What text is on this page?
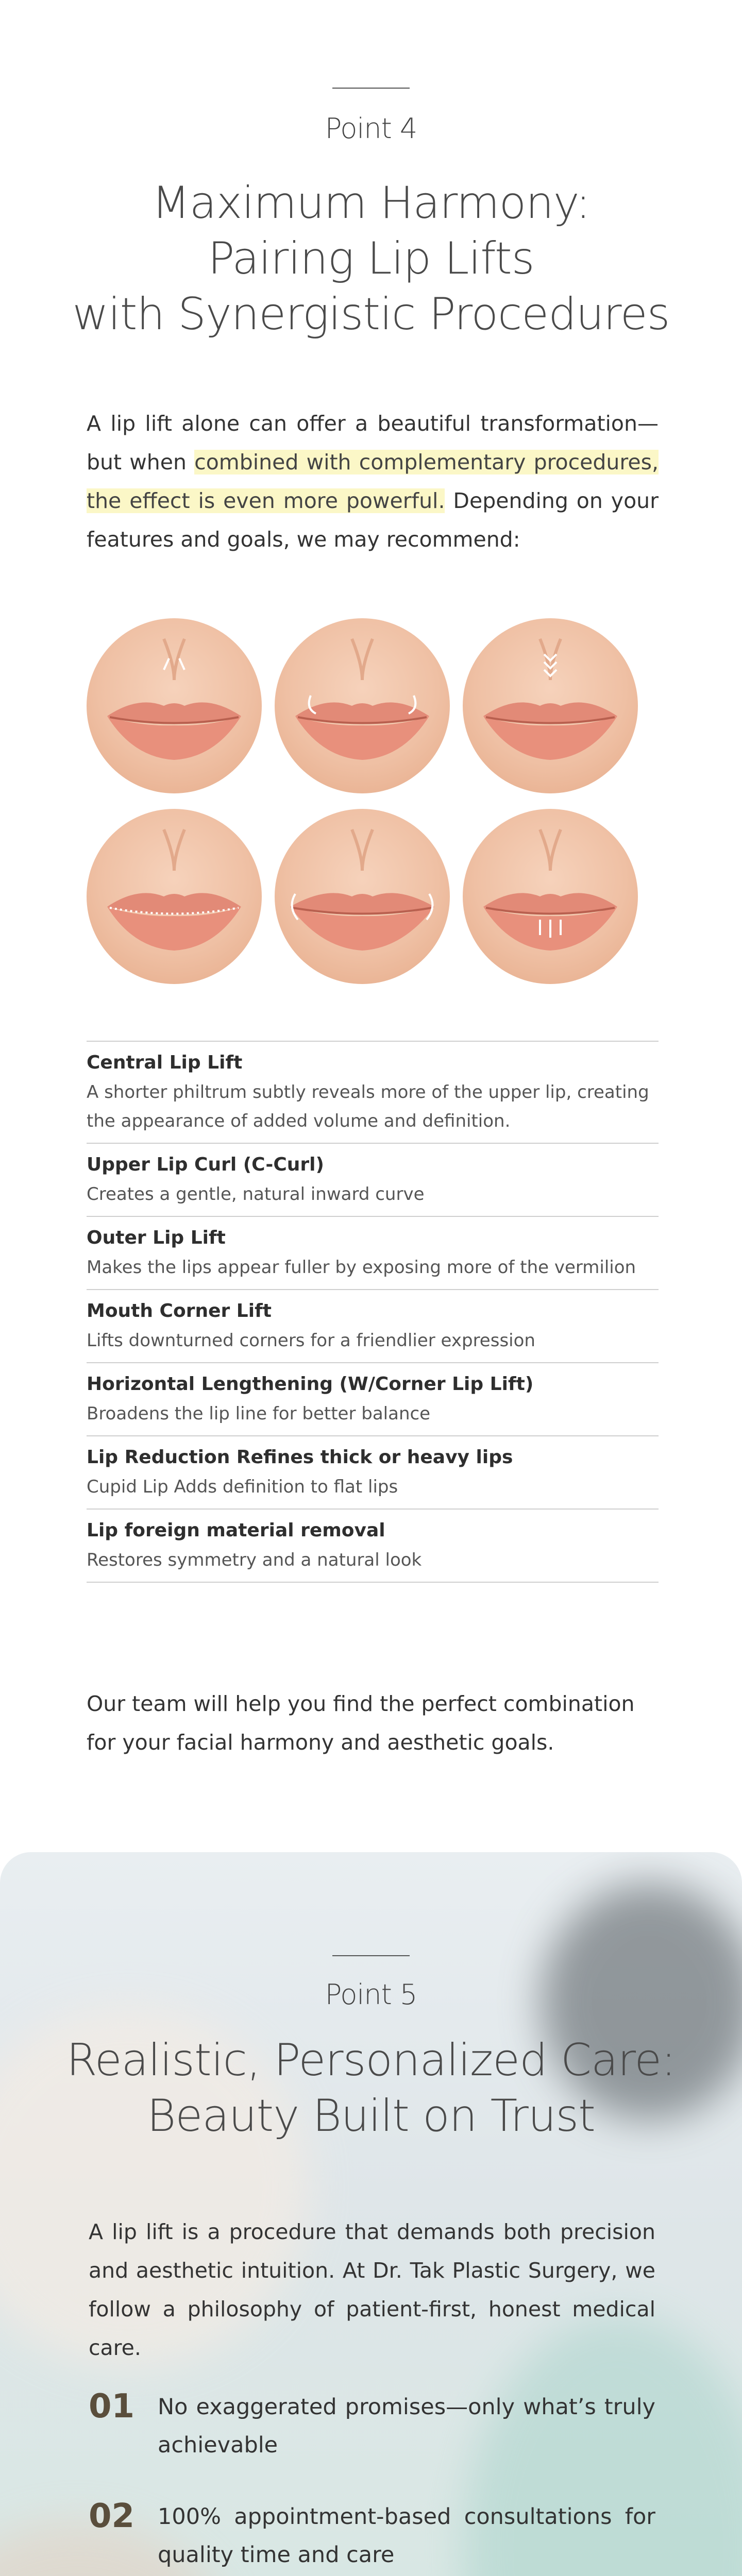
Point 4
Maximum Harmony:
Pairing Lip Lifts
with Synergistic Procedures

A lip lift alone can offer a beautiful transformation—but when combined with complementary procedures, the effect is even more powerful. Depending on your features and goals, we may recommend:

Central Lip Lift
A shorter philtrum subtly reveals more of the upper lip, creating the appearance of added volume and definition.
Upper Lip Curl (C-Curl)
Creates a gentle, natural inward curve
Outer Lip Lift
Makes the lips appear fuller by exposing more of the vermilion
Mouth Corner Lift
Lifts downturned corners for a friendlier expression
Horizontal Lengthening (W/Corner Lip Lift)
Broadens the lip line for better balance
Lip Reduction Refines thick or heavy lips
Cupid Lip Adds definition to flat lips
Lip foreign material removal
Restores symmetry and a natural look

Our team will help you find the perfect combination for your facial harmony and aesthetic goals.

Point 5
Realistic, Personalized Care:
Beauty Built on Trust

A lip lift is a procedure that demands both precision and aesthetic intuition. At Dr. Tak Plastic Surgery, we follow a philosophy of patient-first, honest medical care.

01	No exaggerated promises—only what’s truly achievable
02	100% appointment-based consultations for quality time and care
